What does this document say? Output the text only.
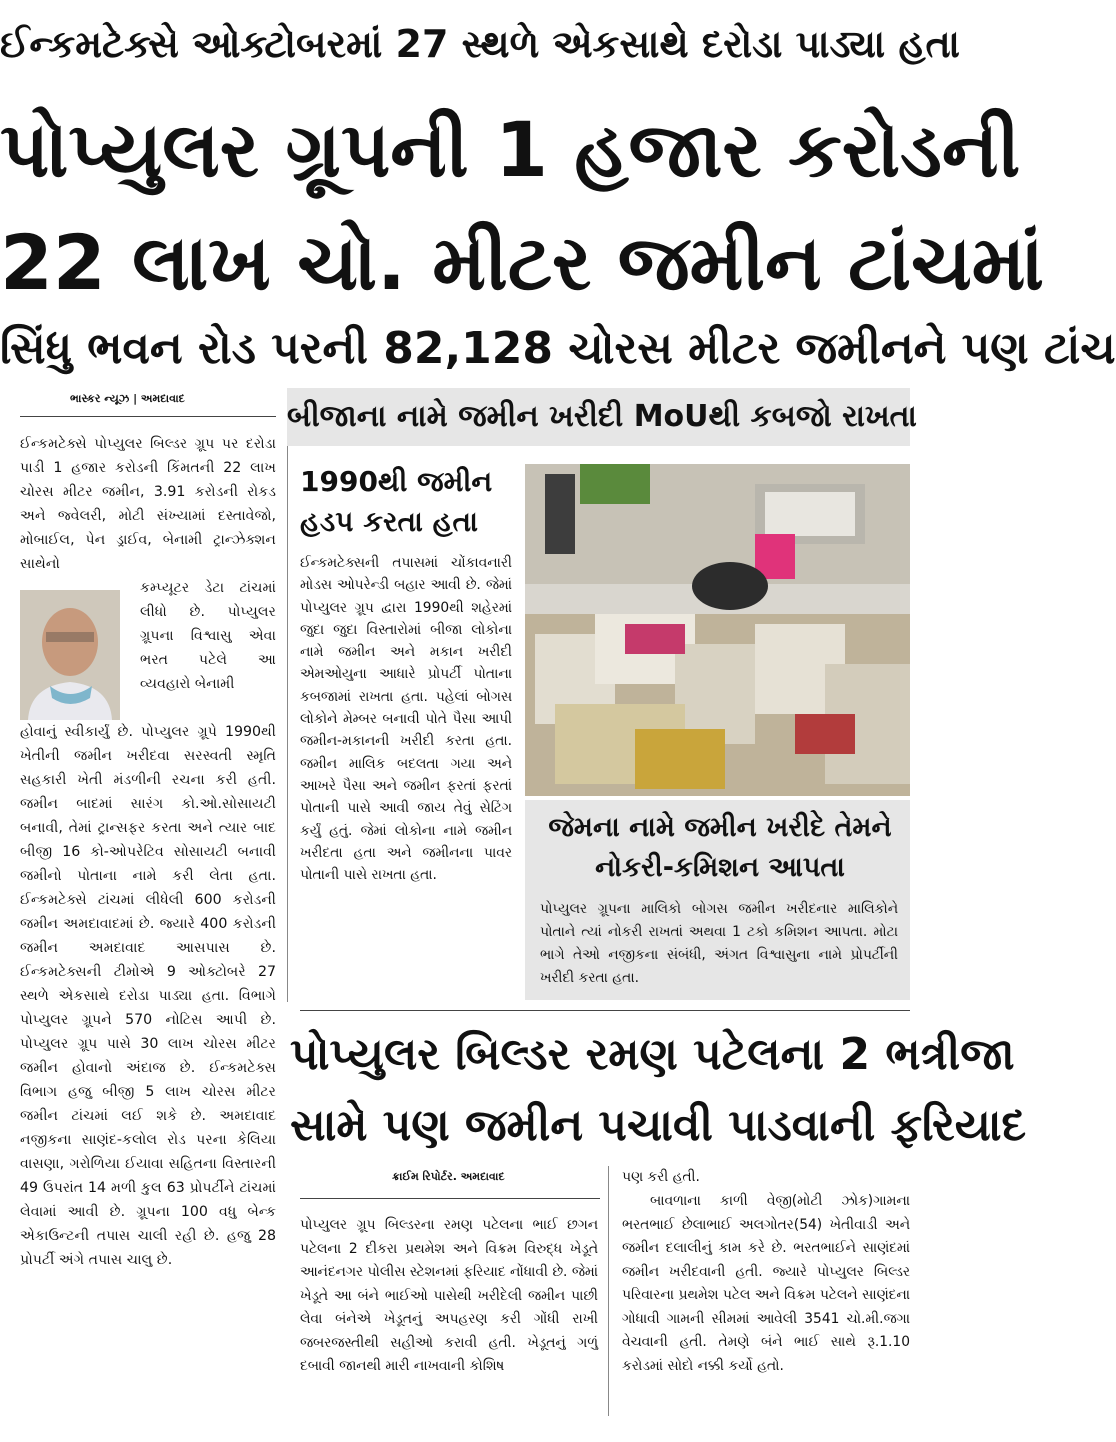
ઈન્કમટેક્સે ઓક્ટોબરમાં 27 સ્થળે એકસાથે દરોડા પાડ્યા હતા
પોપ્યુલર ગ્રૂપની 1 હજાર કરોડની
22 લાખ ચો. મીટર જમીન ટાંચમાં
સિંધુ ભવન રોડ પરની 82,128 ચોરસ મીટર જમીનને પણ ટાંચ
ભાસ્કર ન્યૂઝ | અમદાવાદ
ઈન્કમટેક્સે પોપ્યુલર બિલ્ડર ગ્રૂપ પર દરોડા પાડી 1 હજાર કરોડની કિંમતની 22 લાખ ચોરસ મીટર જમીન, 3.91 કરોડની રોકડ અને જ્વેલરી, મોટી સંખ્યામાં દસ્તાવેજો, મોબાઈલ, પેન ડ્રાઈવ, બેનામી ટ્રાન્ઝેક્શન સાથેનો
કમ્પ્યૂટર ડેટા ટાંચમાં લીધો છે. પોપ્યુલર ગ્રૂપના વિશ્વાસુ એવા ભરત પટેલે આ વ્યવહારો બેનામી
હોવાનું સ્વીકાર્યું છે. પોપ્યુલર ગ્રૂપે 1990થી ખેતીની જમીન ખરીદવા સરસ્વતી સ્મૃતિ સહકારી ખેતી મંડળીની રચના કરી હતી. જમીન બાદમાં સારંગ કો.ઓ.સોસાયટી બનાવી, તેમાં ટ્રાન્સફર કરતા અને ત્યાર બાદ બીજી 16 કો-ઓપરેટિવ સોસાયટી બનાવી જમીનો પોતાના નામે કરી લેતા હતા. ઈન્કમટેક્સે ટાંચમાં લીધેલી 600 કરોડની જમીન અમદાવાદમાં છે. જ્યારે 400 કરોડની જમીન અમદાવાદ આસપાસ છે. ઈન્કમટેક્સની ટીમોએ 9 ઓક્ટોબરે 27 સ્થળે એકસાથે દરોડા પાડ્યા હતા. વિભાગે પોપ્યુલર ગ્રૂપને 570 નોટિસ આપી છે. પોપ્યુલર ગ્રૂપ પાસે 30 લાખ ચોરસ મીટર જમીન હોવાનો અંદાજ છે. ઈન્કમટેક્સ વિભાગ હજુ બીજી 5 લાખ ચોરસ મીટર જમીન ટાંચમાં લઈ શકે છે. અમદાવાદ નજીકના સાણંદ-કલોલ રોડ પરના કેલિયા વાસણા, ગરોળિયા ઈયાવા સહિતના વિસ્તારની 49 ઉપરાંત 14 મળી કુલ 63 પ્રોપર્ટીને ટાંચમાં લેવામાં આવી છે. ગ્રૂપના 100 વધુ બેન્ક એકાઉન્ટની તપાસ ચાલી રહી છે. હજુ 28 પ્રોપર્ટી અંગે તપાસ ચાલુ છે.
બીજાના નામે જમીન ખરીદી MoUથી કબજો રાખતા
1990થી જમીન હડપ કરતા હતા
ઈન્કમટેક્સની તપાસમાં ચોંકાવનારી મોડસ ઓપરેન્ડી બહાર આવી છે. જેમાં પોપ્યુલર ગ્રૂપ દ્વારા 1990થી શહેરમાં જુદા જુદા વિસ્તારોમાં બીજા લોકોના નામે જમીન અને મકાન ખરીદી એમઓયુના આધારે પ્રોપર્ટી પોતાના કબજામાં રાખતા હતા. પહેલાં બોગસ લોકોને મેમ્બર બનાવી પોતે પૈસા આપી જમીન-મકાનની ખરીદી કરતા હતા. જમીન માલિક બદલતા ગયા અને આખરે પૈસા અને જમીન ફરતાં ફરતાં પોતાની પાસે આવી જાય તેવું સેટિંગ કર્યું હતું. જેમાં લોકોના નામે જમીન ખરીદતા હતા અને જમીનના પાવર પોતાની પાસે રાખતા હતા.
જેમના નામે જમીન ખરીદે તેમને નોકરી-કમિશન આપતા
પોપ્યુલર ગ્રૂપના માલિકો બોગસ જમીન ખરીદનાર માલિકોને પોતાને ત્યાં નોકરી રાખતાં અથવા 1 ટકો કમિશન આપતા. મોટા ભાગે તેઓ નજીકના સંબંધી, અંગત વિશ્વાસુના નામે પ્રોપર્ટીની ખરીદી કરતા હતા.
પોપ્યુલર બિલ્ડર રમણ પટેલના 2 ભત્રીજા
સામે પણ જમીન પચાવી પાડવાની ફરિયાદ
ક્રાઈમ રિપોર્ટર. અમદાવાદ
પોપ્યુલર ગ્રૂપ બિલ્ડરના રમણ પટેલના ભાઈ છગન પટેલના 2 દીકરા પ્રથમેશ અને વિક્રમ વિરુદ્ધ ખેડૂતે આનંદનગર પોલીસ સ્ટેશનમાં ફરિયાદ નોંધાવી છે. જેમાં ખેડૂતે આ બંને ભાઈઓ પાસેથી ખરીદેલી જમીન પાછી લેવા બંનેએ ખેડૂતનું અપહરણ કરી ગોંધી રાખી જબરજસ્તીથી સહીઓ કરાવી હતી. ખેડૂતનું ગળું દબાવી જાનથી મારી નાખવાની કોશિષ
પણ કરી હતી.
બાવળાના કાળી વેજી(મોટી ઝોક)ગામના ભરતભાઈ છેલાભાઈ અલગોતર(54) ખેતીવાડી અને જમીન દલાલીનું કામ કરે છે. ભરતભાઈને સાણંદમાં જમીન ખરીદવાની હતી. જ્યારે પોપ્યુલર બિલ્ડર પરિવારના પ્રથમેશ પટેલ અને વિક્રમ પટેલને સાણંદના ગોધાવી ગામની સીમમાં આવેલી 3541 ચો.મી.જગા વેચવાની હતી. તેમણે બંને ભાઈ સાથે રૂ.1.10 કરોડમાં સોદો નક્કી કર્યો હતો.
